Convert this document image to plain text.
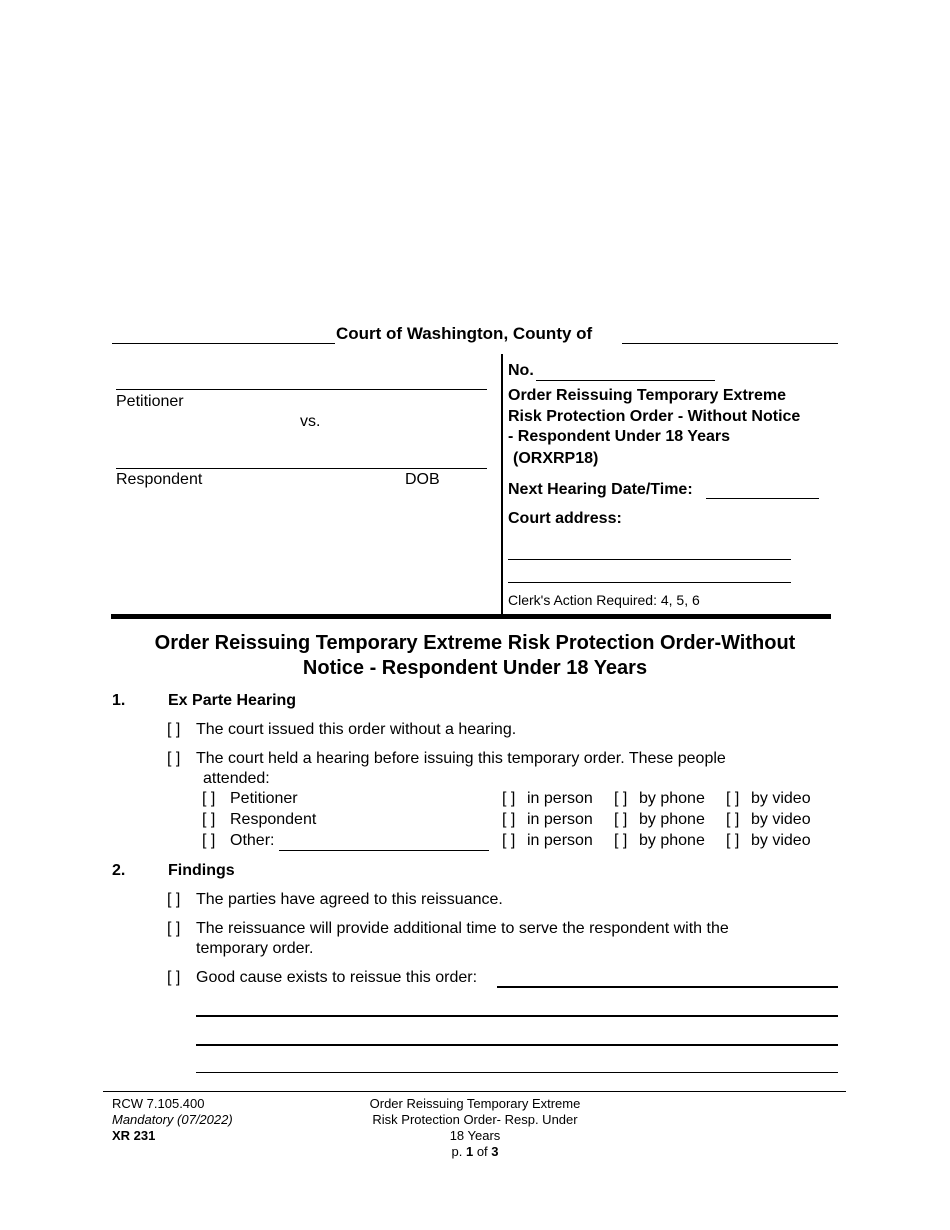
Court of Washington, County of
Petitioner
vs.
Respondent	DOB
No.
Order Reissuing Temporary Extreme
Risk Protection Order - Without Notice
- Respondent Under 18 Years
(ORXRP18)
Next Hearing Date/Time:
Court address:
Clerk's Action Required: 4, 5, 6
Order Reissuing Temporary Extreme Risk Protection Order-Without
Notice - Respondent Under 18 Years
1.	Ex Parte Hearing
[ ] The court issued this order without a hearing.
[ ] The court held a hearing before issuing this temporary order. These people
attended:
[ ] Petitioner	[ ] in person [ ] by phone [ ] by video
[ ] Respondent	[ ] in person [ ] by phone [ ] by video
[ ] Other:	[ ] in person [ ] by phone [ ] by video
2.	Findings
[ ] The parties have agreed to this reissuance.
[ ] The reissuance will provide additional time to serve the respondent with the
temporary order.
[ ] Good cause exists to reissue this order:
RCW 7.105.400
Mandatory (07/2022)
XR 231
Order Reissuing Temporary Extreme
Risk Protection Order- Resp. Under
18 Years
p. 1 of 3
